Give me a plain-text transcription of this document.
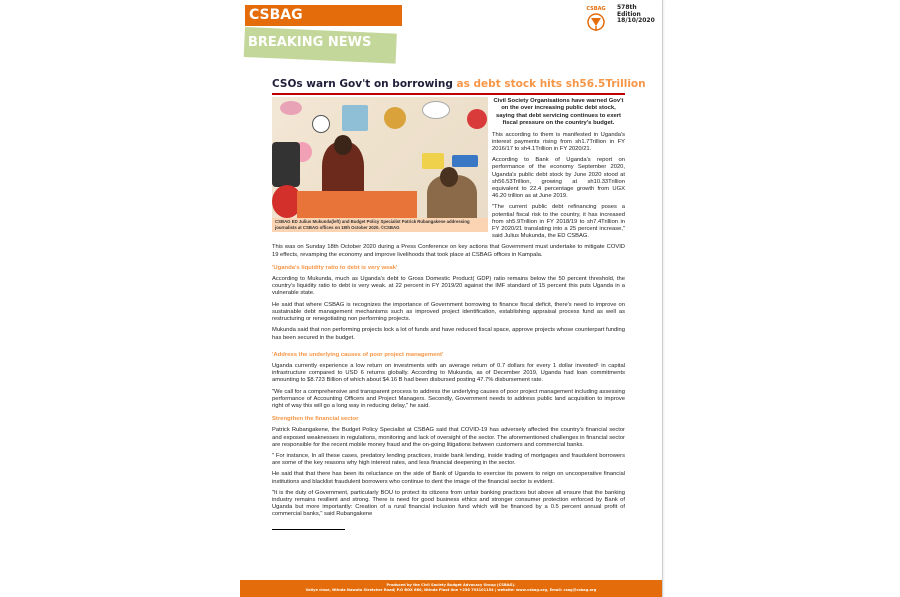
CSBAG
BREAKING NEWS
CSBAG 578th Edition
18/10/2020
CSOs warn Gov't on borrowing as debt stock hits sh56.5Trillion
CSBAG ED Julius Mukunda(left) and Budget Policy Specialist Patrick Rubangakene addressing journalists at CSBAG offices on 18th October 2020. ©CSBAG
Civil Society Organisations have warned Gov't on the over increasing public debt stock, saying that debt servicing continues to exert fiscal pressure on the country's budget.

This according to them is manifested in Uganda's interest payments rising from sh1.7Trillion in FY 2016/17 to sh4.1Trillion in FY 2020/21.

According to Bank of Uganda's report on performance of the economy September 2020, Uganda's public debt stock by June 2020 stood at sh56.53Trillion, growing at sh10.33Trillion equivalent to 22.4 percentage growth from UGX 46.20 trillion as at June 2019.

"The current public debt refinancing poses a potential fiscal risk to the country, it has increased from sh5.9Trillion in FY 2018/19 to sh7.4Trillion in FY 2020/21 translating into a 25 percent increase," said Julius Mukunda, the ED CSBAG.

This was on Sunday 18th October 2020 during a Press Conference on key actions that Government must undertake to mitigate COVID 19 effects, revamping the economy and improve livelihoods that took place at CSBAG offices in Kampala.

'Uganda's liquidity ratio to debt is very weak'

According to Mukunda, much as Uganda's debt to Gross Domestic Product( GDP) ratio remains below the 50 percent threshold, the country's liquidity ratio to debt is very weak. at 22 percent in FY 2019/20 against the IMF standard of 15 percent this puts Uganda in a vulnerable state.

He said that where CSBAG is recognizes the importance of Government borrowing to finance fiscal deficit, there's need to improve on sustainable debt management mechanisms such as improved project identification, establishing appraisal process fund as well as restructuring or renegotiating non performing projects.

Mukunda said that non performing projects lock a lot of funds and have reduced fiscal space, approve projects whose counterpart funding has been secured in the budget.

'Address the underlying causes of poor project management'

Uganda currently experience a low return on investments with an average return of 0.7 dollars for every 1 dollar invested¹ in capital infrastructure compared to USD 6 returns globally. According to Mukunda, as of December 2019, Uganda had loan commitments amounting to $8.723 Billion of which about $4.16 B had been disbursed posting 47.7% disbursement rate.

"We call for a comprehensive and transparent process to address the underlying causes of poor project management including assessing performance of Accounting Officers and Project Managers. Secondly, Government needs to address public land acquisition to improve right of way this will go a long way in reducing delay," he said.

Strengthen the financial sector

Patrick Rubangakene, the Budget Policy Specialist at CSBAG said that COVID-19 has adversely affected the country's financial sector and exposed weaknesses in regulations, monitoring and lack of oversight of the sector. The aforementioned challenges in financial sector are responsible for the recent mobile money fraud and the on-going litigations between customers and commercial banks.

" For instance, In all these cases, predatory lending practices, inside bank lending, inside trading of mortgages and fraudulent borrowers are some of the key reasons why high interest rates, and less financial deepening in the sector.

He said that that there has been its reluctance on the side of Bank of Uganda to exercise its powers to reign on uncooperative financial institutions and blacklist fraudulent borrowers who continue to dent the image of the financial sector is evident.

"It is the duty of Government, particularly BOU to protect its citizens from unfair banking practices but above all ensure that the banking industry remains resilient and strong. There is need for good business ethics and stronger consumer protection enforced by Bank of Uganda but more importantly: Creation of a rural financial inclusion fund which will be financed by a 0.5 percent annual profit of commercial banks," said Rubangakene

Produced by the Civil Society Budget Advocacy Group (CSBAG).
Valiye close, Ntinda Nawata Stretcher Road| P.O BOX 660, Ntinda Plaot line +256 793101154 | website: www.csbag.org, Email: csag@csbag.org
